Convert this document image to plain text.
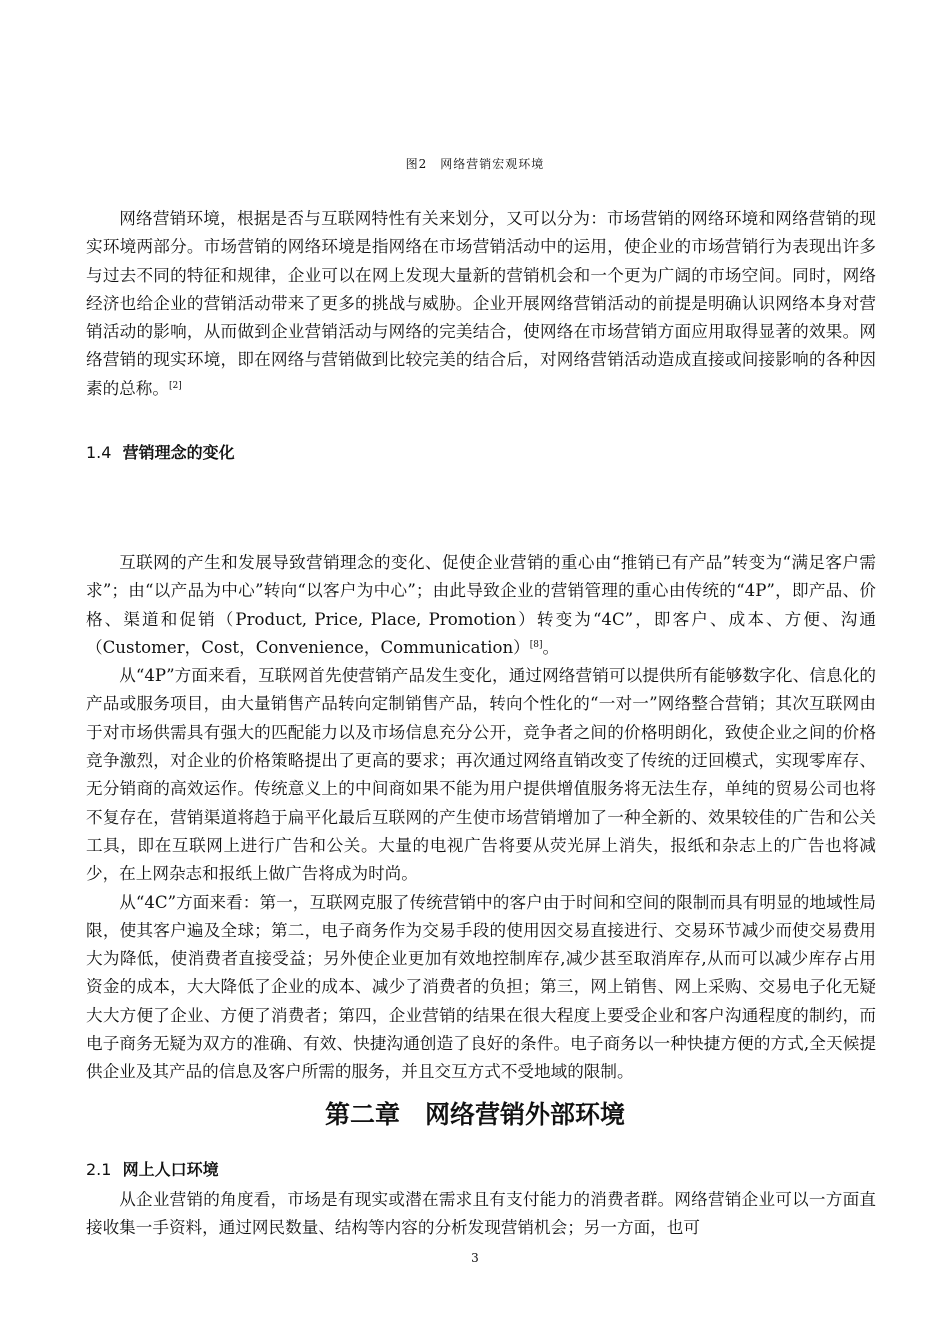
图2　网络营销宏观环境

网络营销环境，根据是否与互联网特性有关来划分，又可以分为：市场营销的网络环境和网络营销的现实环境两部分。市场营销的网络环境是指网络在市场营销活动中的运用，使企业的市场营销行为表现出许多与过去不同的特征和规律，企业可以在网上发现大量新的营销机会和一个更为广阔的市场空间。同时，网络经济也给企业的营销活动带来了更多的挑战与威胁。企业开展网络营销活动的前提是明确认识网络本身对营销活动的影响，从而做到企业营销活动与网络的完美结合，使网络在市场营销方面应用取得显著的效果。网络营销的现实环境，即在网络与营销做到比较完美的结合后，对网络营销活动造成直接或间接影响的各种因素的总称。[2]

1.4 营销理念的变化

互联网的产生和发展导致营销理念的变化、促使企业营销的重心由“推销已有产品”转变为“满足客户需求”；由“以产品为中心”转向“以客户为中心”；由此导致企业的营销管理的重心由传统的“4P”，即产品、价格、渠道和促销（Product, Price, Place, Promotion）转变为“4C”，即客户、成本、方便、沟通（Customer，Cost，Convenience，Communication）[8]。

从“4P”方面来看，互联网首先使营销产品发生变化，通过网络营销可以提供所有能够数字化、信息化的产品或服务项目，由大量销售产品转向定制销售产品，转向个性化的“一对一”网络整合营销；其次互联网由于对市场供需具有强大的匹配能力以及市场信息充分公开，竞争者之间的价格明朗化，致使企业之间的价格竞争激烈，对企业的价格策略提出了更高的要求；再次通过网络直销改变了传统的迂回模式，实现零库存、无分销商的高效运作。传统意义上的中间商如果不能为用户提供增值服务将无法生存，单纯的贸易公司也将不复存在，营销渠道将趋于扁平化最后互联网的产生使市场营销增加了一种全新的、效果较佳的广告和公关工具，即在互联网上进行广告和公关。大量的电视广告将要从荧光屏上消失，报纸和杂志上的广告也将减少，在上网杂志和报纸上做广告将成为时尚。

从“4C”方面来看：第一，互联网克服了传统营销中的客户由于时间和空间的限制而具有明显的地域性局限，使其客户遍及全球；第二，电子商务作为交易手段的使用因交易直接进行、交易环节减少而使交易费用大为降低，使消费者直接受益；另外使企业更加有效地控制库存,减少甚至取消库存,从而可以减少库存占用资金的成本，大大降低了企业的成本、减少了消费者的负担；第三，网上销售、网上采购、交易电子化无疑大大方便了企业、方便了消费者；第四，企业营销的结果在很大程度上要受企业和客户沟通程度的制约，而电子商务无疑为双方的准确、有效、快捷沟通创造了良好的条件。电子商务以一种快捷方便的方式,全天候提供企业及其产品的信息及客户所需的服务，并且交互方式不受地域的限制。

第二章　网络营销外部环境
2.1 网上人口环境

从企业营销的角度看，市场是有现实或潜在需求且有支付能力的消费者群。网络营销企业可以一方面直接收集一手资料，通过网民数量、结构等内容的分析发现营销机会；另一方面，也可

3
